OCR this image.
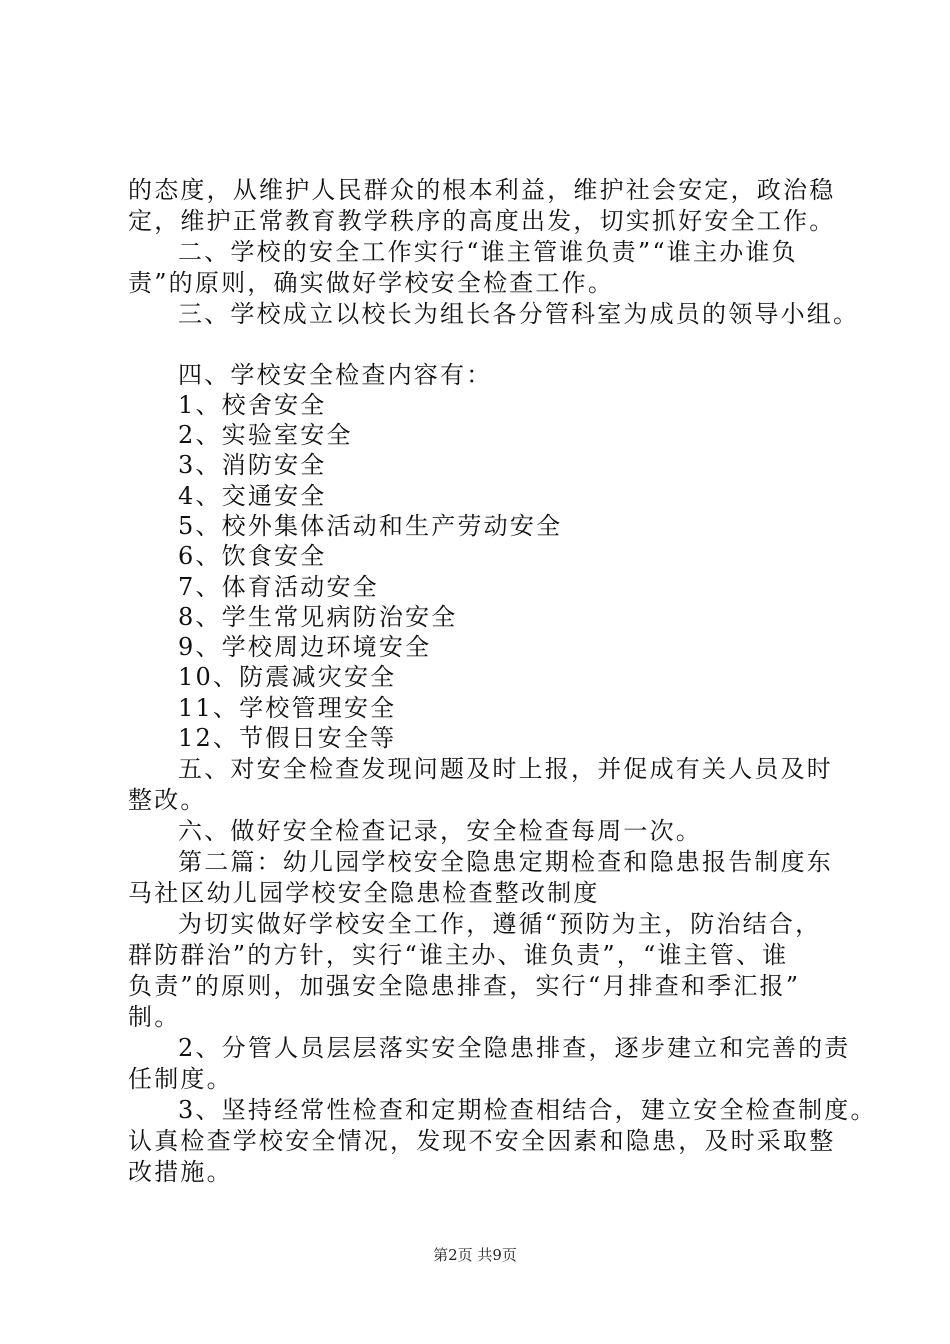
的态度，从维护人民群众的根本利益，维护社会安定，政治稳
定，维护正常教育教学秩序的高度出发，切实抓好安全工作。
二、学校的安全工作实行“谁主管谁负责”“谁主办谁负
责”的原则，确实做好学校安全检查工作。
三、学校成立以校长为组长各分管科室为成员的领导小组。
四、学校安全检查内容有：
1、校舍安全
2、实验室安全
3、消防安全
4、交通安全
5、校外集体活动和生产劳动安全
6、饮食安全
7、体育活动安全
8、学生常见病防治安全
9、学校周边环境安全
10、防震减灾安全
11、学校管理安全
12、节假日安全等
五、对安全检查发现问题及时上报，并促成有关人员及时
整改。
六、做好安全检查记录，安全检查每周一次。
第二篇：幼儿园学校安全隐患定期检查和隐患报告制度东
马社区幼儿园学校安全隐患检查整改制度
为切实做好学校安全工作，遵循“预防为主，防治结合，
群防群治”的方针，实行“谁主办、谁负责”，“谁主管、谁
负责”的原则，加强安全隐患排查，实行“月排查和季汇报”
制。
2、分管人员层层落实安全隐患排查，逐步建立和完善的责
任制度。
3、坚持经常性检查和定期检查相结合，建立安全检查制度。
认真检查学校安全情况，发现不安全因素和隐患，及时采取整
改措施。
第2页 共9页
